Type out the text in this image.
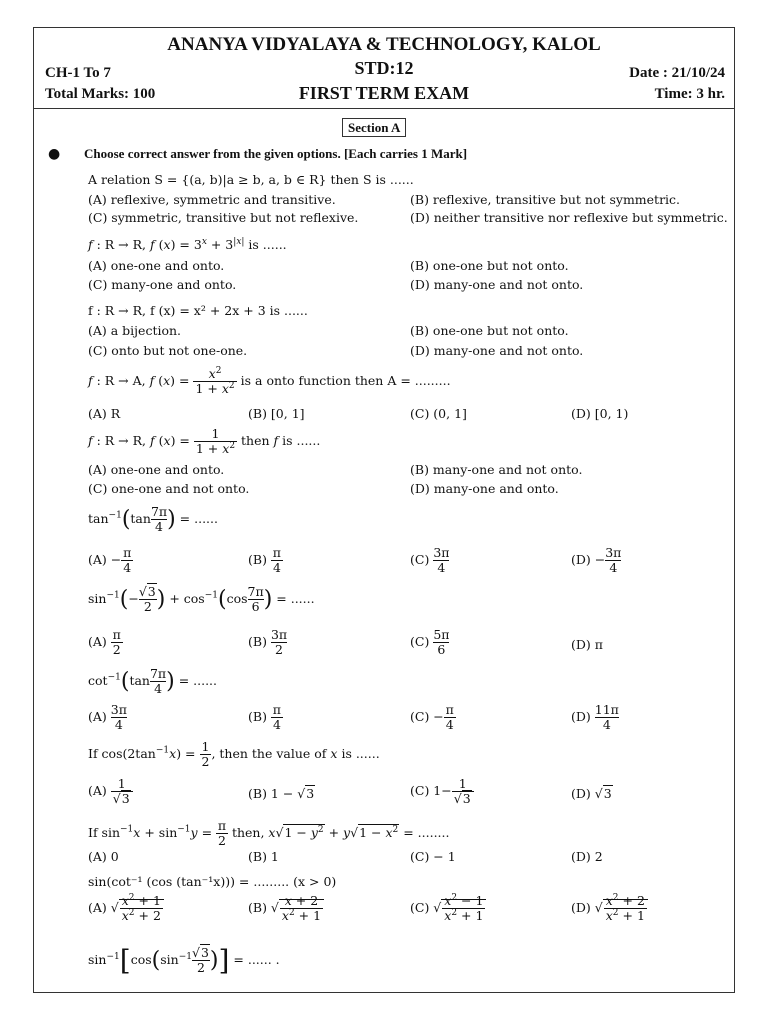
ANANYA VIDYALAYA & TECHNOLOGY, KALOL
STD:12
FIRST TERM EXAM
CH-1 To 7
Total Marks: 100
Date : 21/10/24
Time: 3 hr.
Section A
● Choose correct answer from the given options. [Each carries 1 Mark]
A relation S = {(a, b)|a ≥ b, a, b ∈ R} then S is ......
(A) reflexive, symmetric and transitive.	(B) reflexive, transitive but not symmetric.
(C) symmetric, transitive but not reflexive.	(D) neither transitive nor reflexive but symmetric.
f : R → R, f $(x) = 3^x + 3^{|x|}$ is ......
(A) one-one and onto.	(B) one-one but not onto.
(C) many-one and onto.	(D) many-one and not onto.
f : R → R, f (x) = x² + 2x + 3 is ......
(A) a bijection.	(B) one-one but not onto.
(C) onto but not one-one.	(D) many-one and not onto.
f : R → A, f $(x) = \frac{x^2}{1 + x^2}$ is a onto function then A = .........
(A) R	(B) [0, 1]	(C) (0, 1]	(D) [0, 1)
f : R → R, f $(x) = \frac{1}{1 + x^2}$ then f is ......
(A) one-one and onto.	(B) many-one and not onto.
(C) one-one and not onto.	(D) many-one and onto.
$\tan^{-1}(\tan \frac{7\pi}{4}$ ) = ......
$(A) - \frac{\pi}{4}$	$(B) \frac{\pi}{4}$	$(C) \frac{3\pi}{4}$	$(D) - \frac{3\pi}{4}$
$\sin^{-1}(- \frac{√3}{2}$ ) + $\cos^{-1}(\cos \frac{7\pi}{6}$ ) = ......
$(A) \frac{\pi}{2}$	$(B) \frac{3\pi}{2}$	$(C) \frac{5\pi}{6}$	(D) π
$\cot^{-1}(\tan \frac{7\pi}{4}$ ) = ......
$(A) \frac{3\pi}{4}$	$(B) \frac{\pi}{4}$	$(C) - \frac{\pi}{4}$	$(D) \frac{11\pi}{4}$
If $\cos(2\tan^{-1}x) = \frac{1}{2}$ , then the value of x is ......
$(A) \frac{1}{√3}$	(B) 1 − √3	(C) $1- \frac{1}{√3}$	(D) √3
If $\sin^{-1}x + \sin^{-1}y = \frac{\pi}{2}$ then, $x√1 - y^2 + y√1 - x^2$ = ........
(A) 0	(B) 1	(C) − 1	(D) 2
sin(cot⁻¹ (cos (tan⁻¹x))) = ......... (x > 0)
(A) √ $\frac{x^2 + 1}{x^2 + 2}$	(B) √ $\frac{x + 2}{x^2 + 1}$	(C) √ $\frac{x^2 - 1}{x^2 + 1}$	(D) √ $\frac{x^2 + 2}{x^2 + 1}$
$\sin^{-1}[\cos(\sin^{-1} \frac{√3}{2}$ )] = ...... .
